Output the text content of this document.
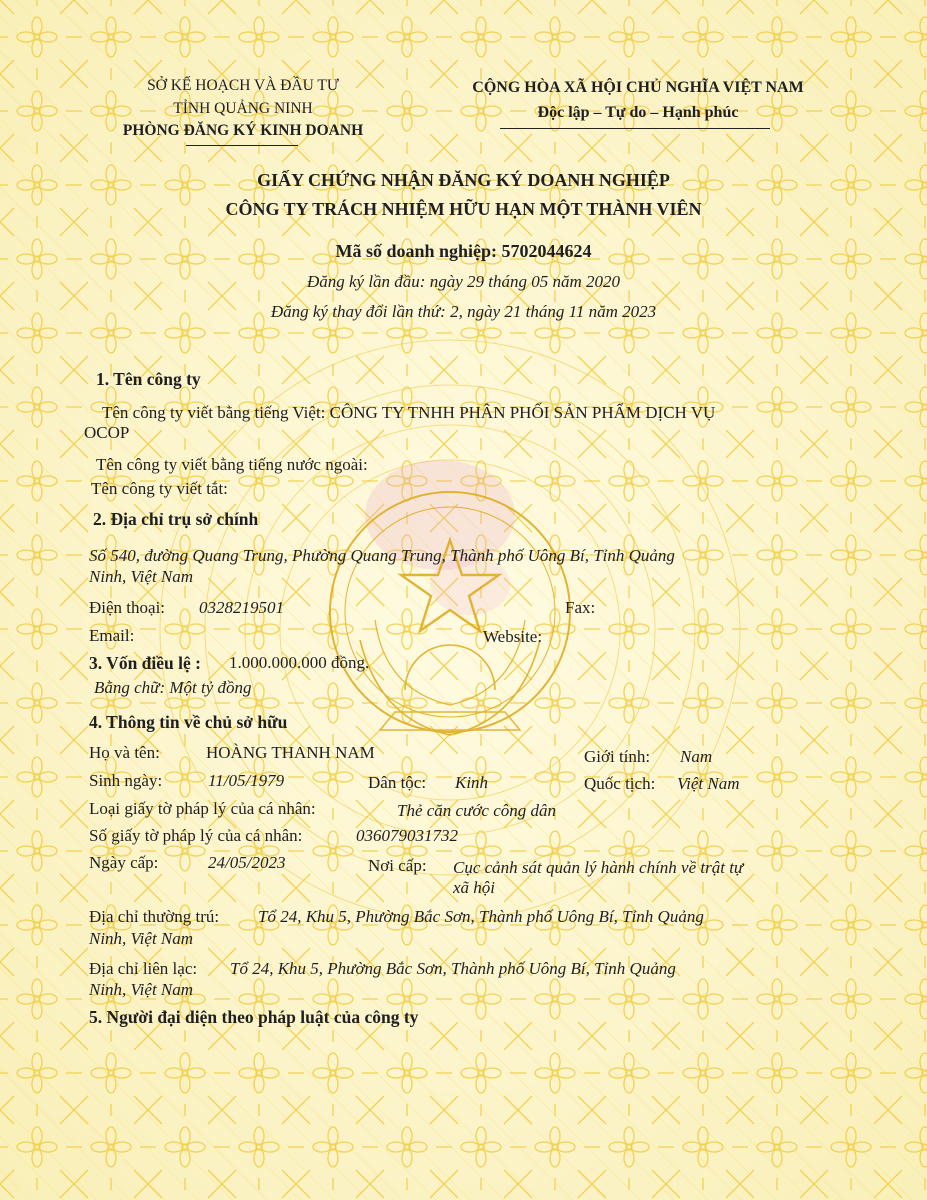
SỞ KẾ HOẠCH VÀ ĐẦU TƯ
TỈNH QUẢNG NINH
PHÒNG ĐĂNG KÝ KINH DOANH
CỘNG HÒA XÃ HỘI CHỦ NGHĨA VIỆT NAM
Độc lập – Tự do – Hạnh phúc
GIẤY CHỨNG NHẬN ĐĂNG KÝ DOANH NGHIỆP
CÔNG TY TRÁCH NHIỆM HỮU HẠN MỘT THÀNH VIÊN
Mã số doanh nghiệp: 5702044624
Đăng ký lần đầu: ngày 29 tháng 05 năm 2020
Đăng ký thay đổi lần thứ: 2, ngày 21 tháng 11 năm 2023
1. Tên công ty
Tên công ty viết bằng tiếng Việt: CÔNG TY TNHH PHÂN PHỐI SẢN PHẨM DỊCH VỤ
OCOP
Tên công ty viết bằng tiếng nước ngoài:
Tên công ty viết tắt:
2. Địa chỉ trụ sở chính
Số 540, đường Quang Trung, Phường Quang Trung, Thành phố Uông Bí, Tỉnh Quảng
Ninh, Việt Nam
Điện thoại: 0328219501	Fax:
Email:	Website:
3. Vốn điều lệ : 1.000.000.000 đồng.
Bằng chữ: Một tỷ đồng
4. Thông tin về chủ sở hữu
Họ và tên:	HOÀNG THANH NAM	Giới tính: Nam
Sinh ngày:	11/05/1979	Dân tộc: Kinh	Quốc tịch: Việt Nam
Loại giấy tờ pháp lý của cá nhân:	Thẻ căn cước công dân
Số giấy tờ pháp lý của cá nhân:	036079031732
Ngày cấp:	24/05/2023	Nơi cấp: Cục cảnh sát quản lý hành chính về trật tự
xã hội
Địa chỉ thường trú: Tổ 24, Khu 5, Phường Bắc Sơn, Thành phố Uông Bí, Tỉnh Quảng
Ninh, Việt Nam
Địa chỉ liên lạc: Tổ 24, Khu 5, Phường Bắc Sơn, Thành phố Uông Bí, Tỉnh Quảng
Ninh, Việt Nam
5. Người đại diện theo pháp luật của công ty
